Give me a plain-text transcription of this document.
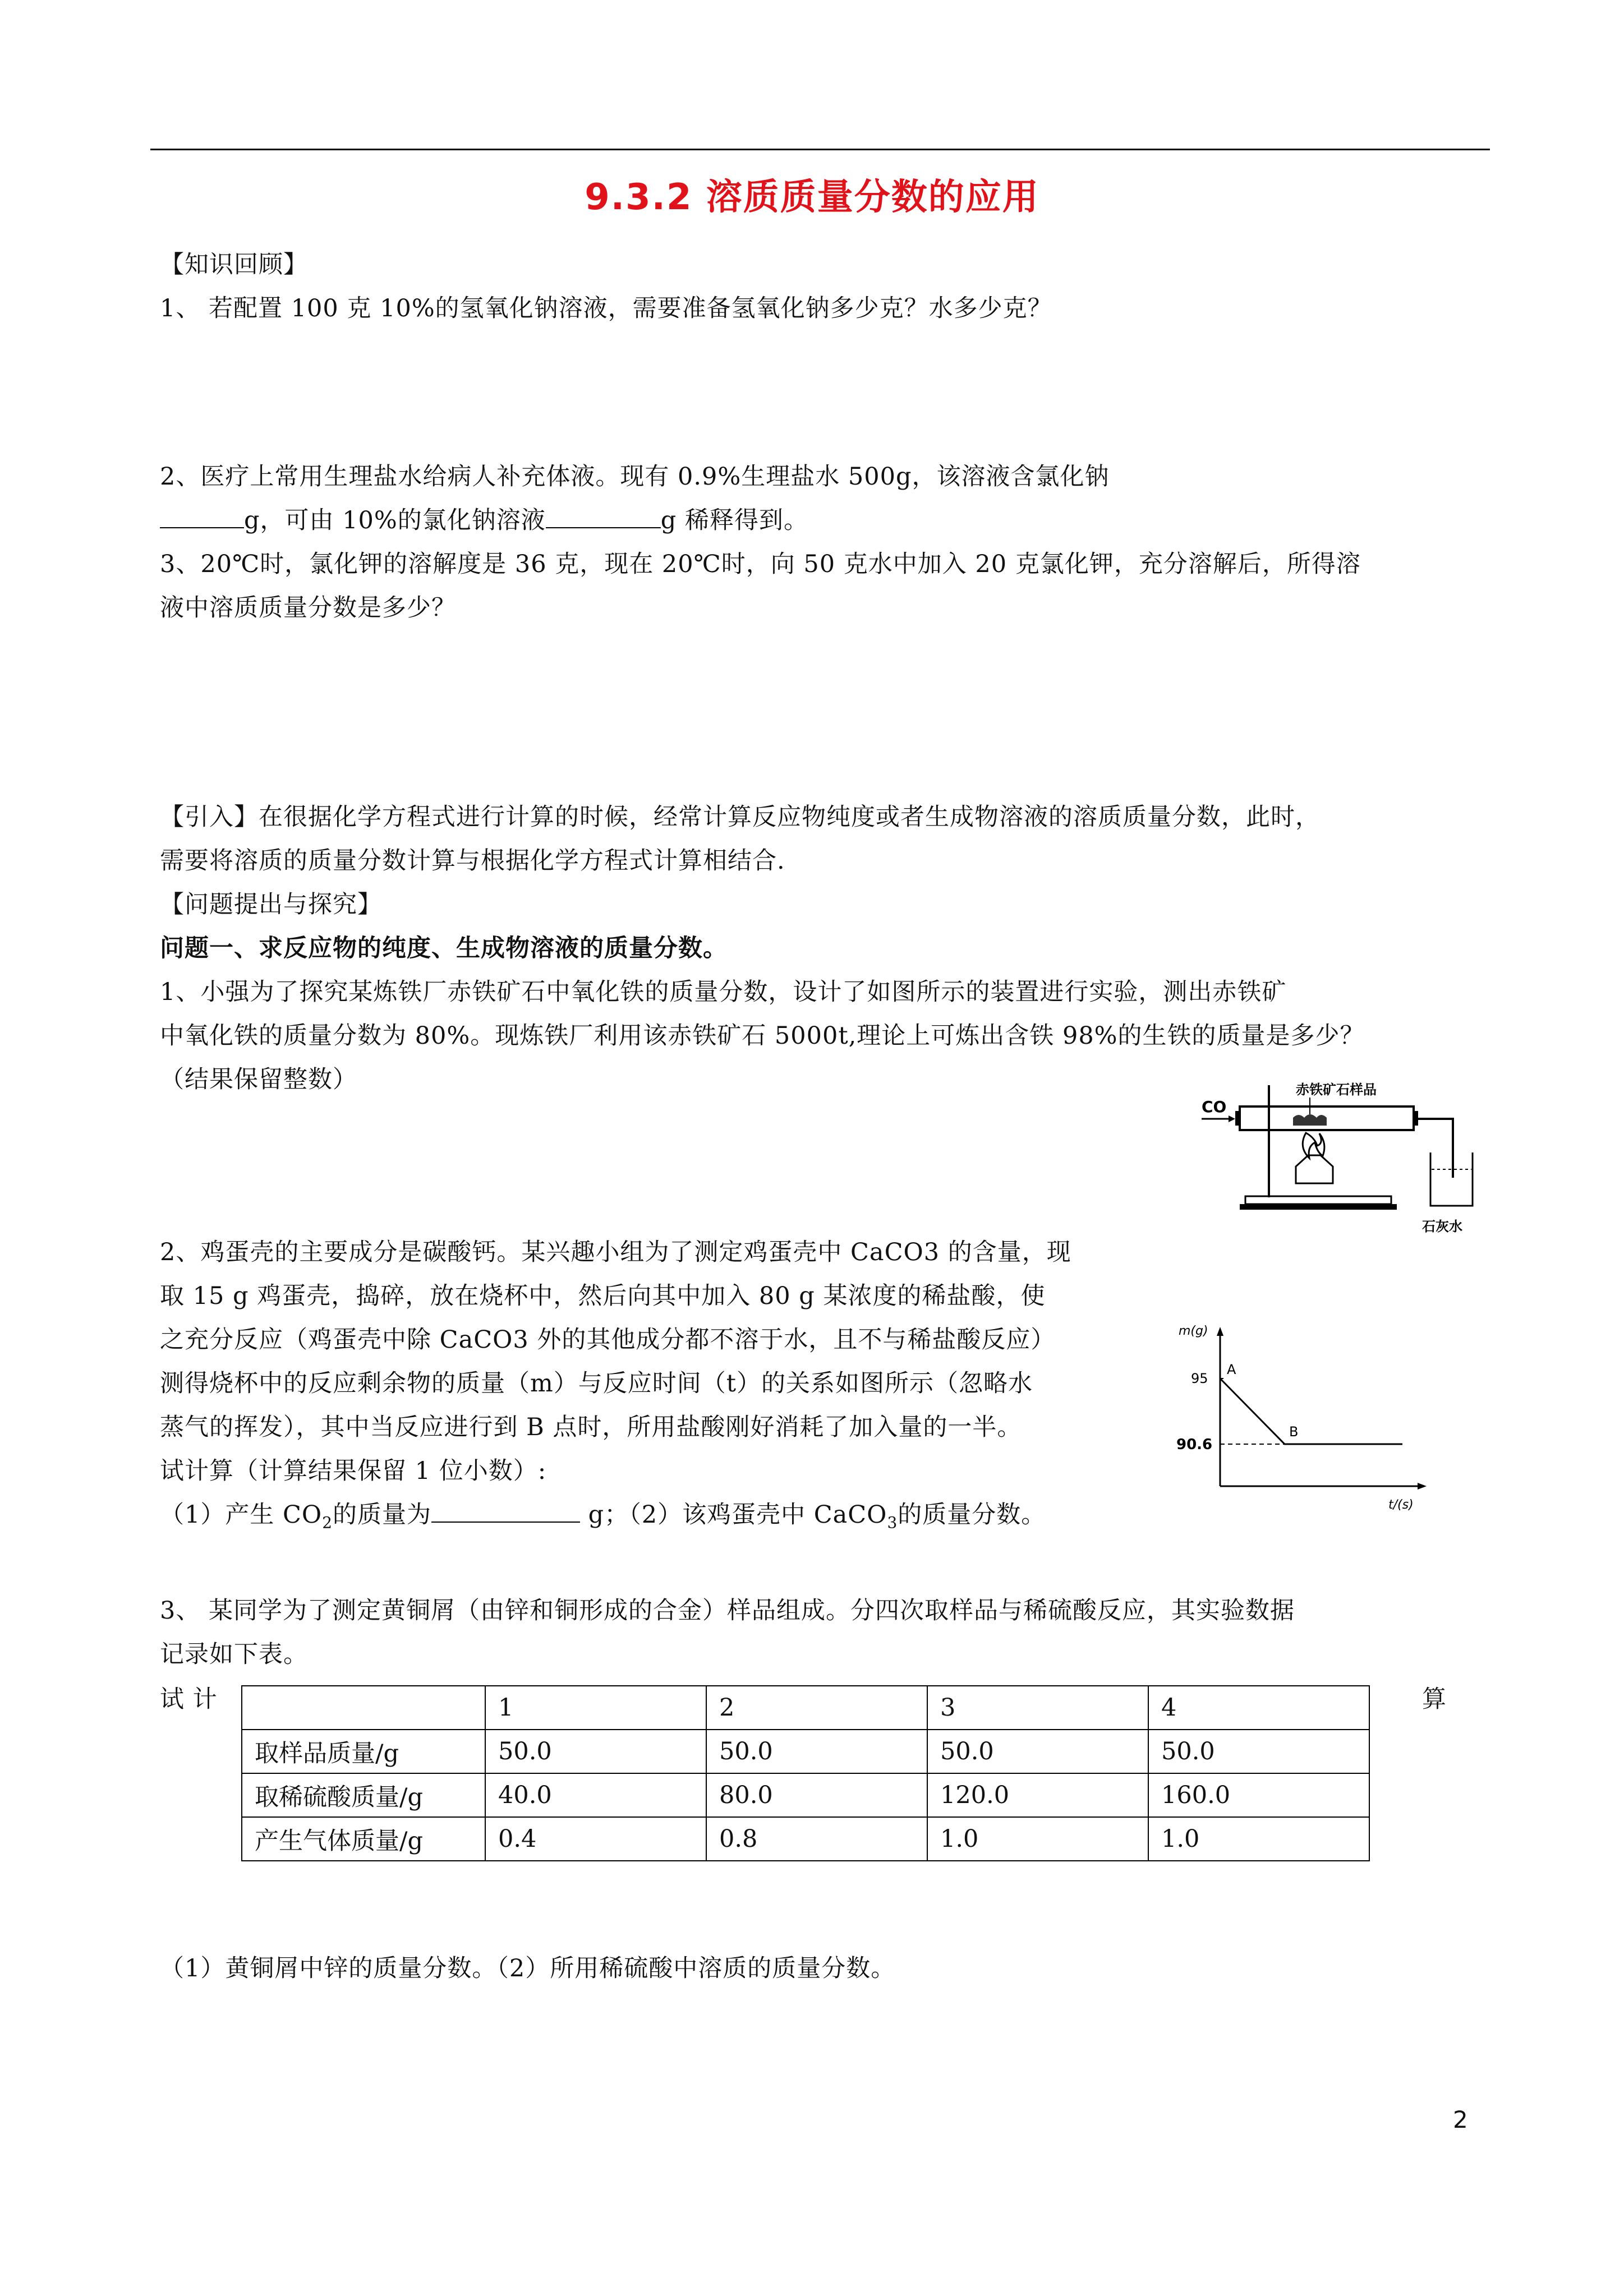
9.3.2 溶质质量分数的应用
【知识回顾】
1、 若配置 100 克 10%的氢氧化钠溶液，需要准备氢氧化钠多少克？水多少克？
2、医疗上常用生理盐水给病人补充体液。现有 0.9%生理盐水 500g，该溶液含氯化钠
g，可由 10%的氯化钠溶液	g 稀释得到。
3、20℃时，氯化钾的溶解度是 36 克，现在 20℃时，向 50 克水中加入 20 克氯化钾，充分溶解后，所得溶
液中溶质质量分数是多少？
【引入】在很据化学方程式进行计算的时候，经常计算反应物纯度或者生成物溶液的溶质质量分数，此时，
需要将溶质的质量分数计算与根据化学方程式计算相结合.
【问题提出与探究】
问题一、求反应物的纯度、生成物溶液的质量分数。
1、小强为了探究某炼铁厂赤铁矿石中氧化铁的质量分数，设计了如图所示的装置进行实验，测出赤铁矿
中氧化铁的质量分数为 80%。现炼铁厂利用该赤铁矿石 5000t,理论上可炼出含铁 98%的生铁的质量是多少？
（结果保留整数）
CO
赤铁矿石样品
石灰水
2、鸡蛋壳的主要成分是碳酸钙。某兴趣小组为了测定鸡蛋壳中 CaCO3 的含量，现
取 15 g 鸡蛋壳，捣碎，放在烧杯中，然后向其中加入 80 g 某浓度的稀盐酸，使
之充分反应（鸡蛋壳中除 CaCO3 外的其他成分都不溶于水，且不与稀盐酸反应）
测得烧杯中的反应剩余物的质量（m）与反应时间（t）的关系如图所示（忽略水
蒸气的挥发），其中当反应进行到 B 点时，所用盐酸刚好消耗了加入量的一半。
试计算（计算结果保留 1 位小数）:
（1）产生 $CO_2$的质量为	g；（2）该鸡蛋壳中 CaCO$_3$的质量分数。
m(g)
t/(s)
95
90.6
A
B
3、 某同学为了测定黄铜屑（由锌和铜形成的合金）样品组成。分四次取样品与稀硫酸反应，其实验数据
记录如下表。
试 计	算
	1	2	3	4
取样品质量/g	50.0	50.0	50.0	50.0
取稀硫酸质量/g	40.0	80.0	120.0	160.0
产生气体质量/g	0.4	0.8	1.0	1.0
（1）黄铜屑中锌的质量分数。（2）所用稀硫酸中溶质的质量分数。
2
